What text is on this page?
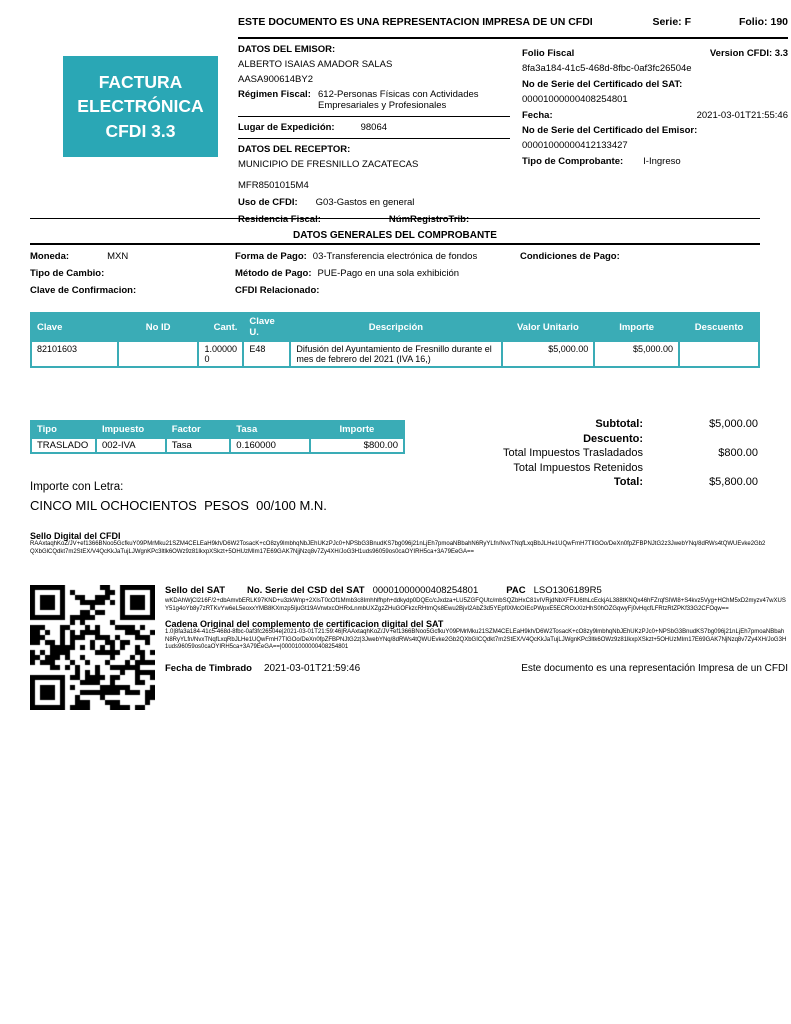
ESTE DOCUMENTO ES UNA REPRESENTACION IMPRESA DE UN CFDI	Serie: F	Folio: 190
FACTURA
ELECTRÓNICA
CFDI 3.3
DATOS DEL EMISOR:
ALBERTO ISAIAS AMADOR SALAS
AASA900614BY2
Régimen Fiscal: 612-Personas Físicas con Actividades Empresariales y Profesionales
Lugar de Expedición:	98064
DATOS DEL RECEPTOR:
MUNICIPIO DE FRESNILLO ZACATECAS
MFR8501015M4
Uso de CFDI: G03-Gastos en general
Residencia Fiscal:	NúmRegistroTrib:
Folio Fiscal	Version CFDI: 3.3
8fa3a184-41c5-468d-8fbc-0af3fc26504e
No de Serie del Certificado del SAT:
00001000000408254801
Fecha:	2021-03-01T21:55:46
No de Serie del Certificado del Emisor:
00001000000412133427
Tipo de Comprobante: I-Ingreso
DATOS GENERALES DEL COMPROBANTE
Moneda:	MXN	Forma de Pago: 03-Transferencia electrónica de fondos	Condiciones de Pago:
Tipo de Cambio:	Método de Pago: PUE-Pago en una sola exhibición
Clave de Confirmacion:	CFDI Relacionado:
Clave	No ID	Cant.	Clave U.	Descripción	Valor Unitario	Importe	Descuento
82101603		1.000000	E48	Difusión del Ayuntamiento de Fresnillo durante el mes de febrero del 2021 (IVA 16,)	$5,000.00	$5,000.00	
Tipo	Impuesto	Factor	Tasa	Importe
TRASLADO	002-IVA	Tasa	0.160000	$800.00
Subtotal:	$5,000.00
Descuento:
Total Impuestos Trasladados	$800.00
Total Impuestos Retenidos
Total:	$5,800.00
Importe con Letra:
CINCO MIL OCHOCIENTOS  PESOS  00/100 M.N.
Sello Digital del CFDI
RAAxtaqhKoZ/JV+ef1366BNoo5GcfkuY09PMrMku21SZM4CELEaH9kh/D6W2TosacK+cO8zy9lmbhqNbJEhUKzPJc0+NPSbG3BnudKS7bg096j21nLjEh7pmoaNBbahN6RyYLfn/NvxTNqfLxqBbJLHe1UQwFmH7TIlGOo/DeXn0fpZFBPNJtG2z3JwebYNq/8dRWs4tQWUEvke2Gb2QXbGlCQdkt7m2StEX/V4QcKkJaTujLJWgnKPc3ltlk6OWz9z81lkxpXSkzt+5OHUzMIm17E69GAK7NjjNzq8v7Zy4XH/JoG3H1uds96059os0caOYIRH5ca+3A79EeGA==
Sello del SAT No. Serie del CSD del SAT 00001000000408254801	PAC LSO1306189R5
wKDAhWjCl216F/2+dbAmvbERLK97KND+u3zkWnp+2XIsT0cOf1Mmb3c8Imhhlfhph+ddkydp0DQEc/cJxdza+LU5ZGFQUtc/mbSQZbHxC81vIVRjdNbXFFIU6thLcEckjAL388tKNQx46hFZrqfSIWl8+S4kvz5Vyg+HChM5xD2myzv47wXUSY51g4oYb8y7zRTKvYw6eL5eoxxYMB8KXmzp5IjuGt19AVrwtxcOHRxLnmbUXZgzZHuGOFkzcRHtmQs8Ewu2BjvI2AbZ3d5YEpfIXMcOIEcPWpxE5ECROxXIzHhS0hOZGqwyFj0vHqcfLFRtzRtZPKf33G2CFOqw==
Cadena Original del complemento de certificacion digital del SAT
1.0|8fa3a184-41c5-468d-8fbc-0af3fc26504e|2021-03-01T21:59:46|RAAxtaqhKoZ/JV+ef1366BNoo5GcfkuY09PMrMku21SZM4CELEaH9kh/D6W2TosacK+cO8zy9lmbhqNbJEhUKzPJc0+NPSbG3BnudKS7bg096j21nLjEh7pmoaNBbahN8RyYLfn/NvxTNqfLxqRbJLHe1UQwFmH7TIGOo/DeXn0fpZFBPNJtG2z|3JwebYNq/8dRWs4tQWUEvke2Gb2QXbGICQdkt7m2StEX/V4QcKkJaTujLJWgnKPc3ltk6OWz9z81lkxpXSkzt+5OHUzMIm17E69GAK7NjNzq8v7Zy4XH/JoG3H1uds96059os0caOYIRH5ca+3A79EeGA==|00001000000408254801
Fecha de Timbrado 2021-03-01T21:59:46	Este documento es una representación Impresa de un CFDI
